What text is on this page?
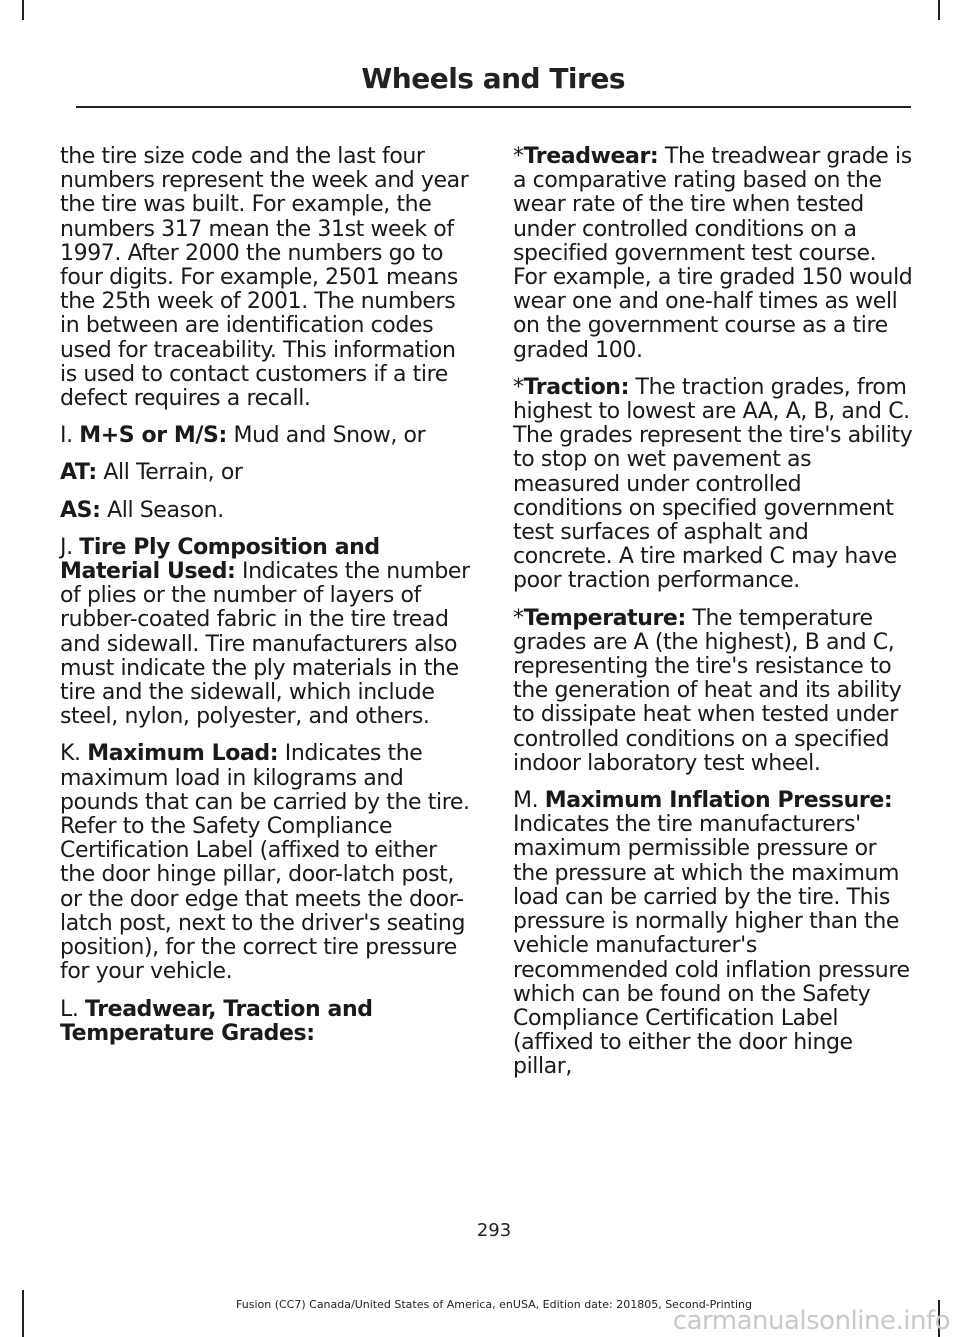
Wheels and Tires

the tire size code and the last four numbers represent the week and year the tire was built. For example, the numbers 317 mean the 31st week of 1997. After 2000 the numbers go to four digits. For example, 2501 means the 25th week of 2001. The numbers in between are identification codes used for traceability. This information is used to contact customers if a tire defect requires a recall.

I. M+S or M/S: Mud and Snow, or

AT: All Terrain, or

AS: All Season.

J. Tire Ply Composition and Material Used: Indicates the number of plies or the number of layers of rubber-coated fabric in the tire tread and sidewall. Tire manufacturers also must indicate the ply materials in the tire and the sidewall, which include steel, nylon, polyester, and others.

K. Maximum Load: Indicates the maximum load in kilograms and pounds that can be carried by the tire. Refer to the Safety Compliance Certification Label (affixed to either the door hinge pillar, door-latch post, or the door edge that meets the door-latch post, next to the driver's seating position), for the correct tire pressure for your vehicle.

L. Treadwear, Traction and Temperature Grades:

*Treadwear: The treadwear grade is a comparative rating based on the wear rate of the tire when tested under controlled conditions on a specified government test course. For example, a tire graded 150 would wear one and one-half times as well on the government course as a tire graded 100.

*Traction: The traction grades, from highest to lowest are AA, A, B, and C. The grades represent the tire's ability to stop on wet pavement as measured under controlled conditions on specified government test surfaces of asphalt and concrete. A tire marked C may have poor traction performance.

*Temperature: The temperature grades are A (the highest), B and C, representing the tire's resistance to the generation of heat and its ability to dissipate heat when tested under controlled conditions on a specified indoor laboratory test wheel.

M. Maximum Inflation Pressure: Indicates the tire manufacturers' maximum permissible pressure or the pressure at which the maximum load can be carried by the tire. This pressure is normally higher than the vehicle manufacturer's recommended cold inflation pressure which can be found on the Safety Compliance Certification Label (affixed to either the door hinge pillar,

293
Fusion (CC7) Canada/United States of America, enUSA, Edition date: 201805, Second-Printing
carmanualsonline.info
